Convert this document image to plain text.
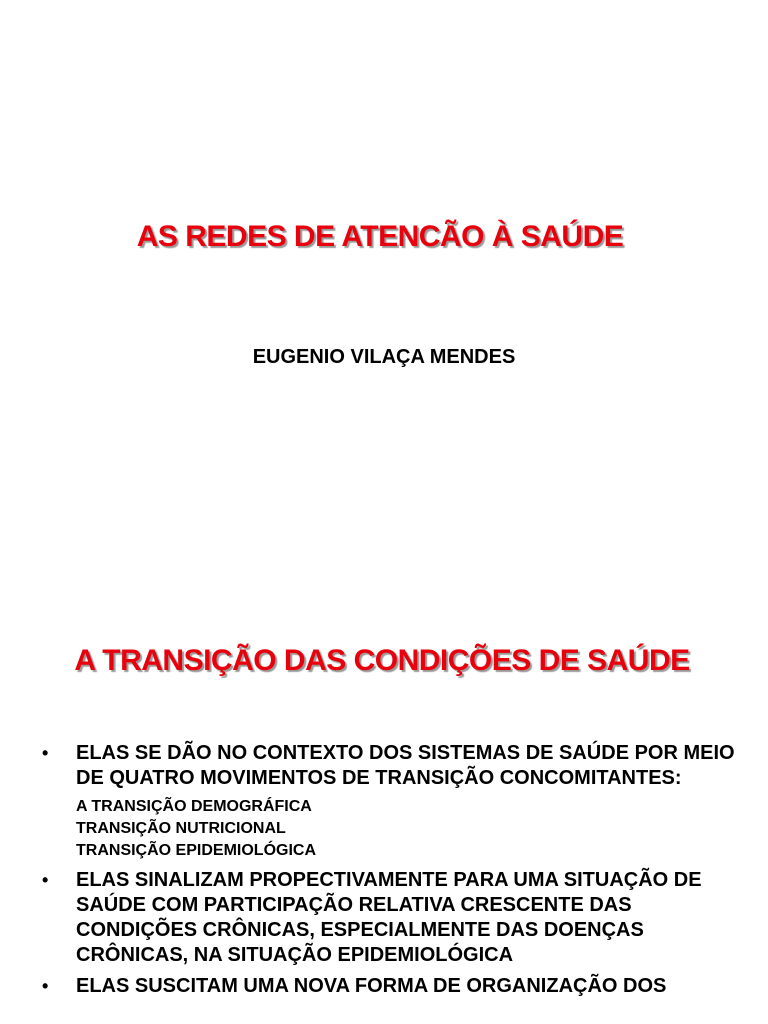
AS REDES DE ATENCÃO À SAÚDE
EUGENIO VILAÇA MENDES
A TRANSIÇÃO DAS CONDIÇÕES DE SAÚDE
• ELAS SE DÃO NO CONTEXTO DOS SISTEMAS DE SAÚDE POR MEIO DE QUATRO MOVIMENTOS DE TRANSIÇÃO CONCOMITANTES:
A TRANSIÇÃO DEMOGRÁFICA
TRANSIÇÃO NUTRICIONAL
TRANSIÇÃO EPIDEMIOLÓGICA
• ELAS SINALIZAM PROPECTIVAMENTE PARA UMA SITUAÇÃO DE SAÚDE COM PARTICIPAÇÃO RELATIVA CRESCENTE DAS CONDIÇÕES CRÔNICAS, ESPECIALMENTE DAS DOENÇAS CRÔNICAS, NA SITUAÇÃO EPIDEMIOLÓGICA
• ELAS SUSCITAM UMA NOVA FORMA DE ORGANIZAÇÃO DOS
